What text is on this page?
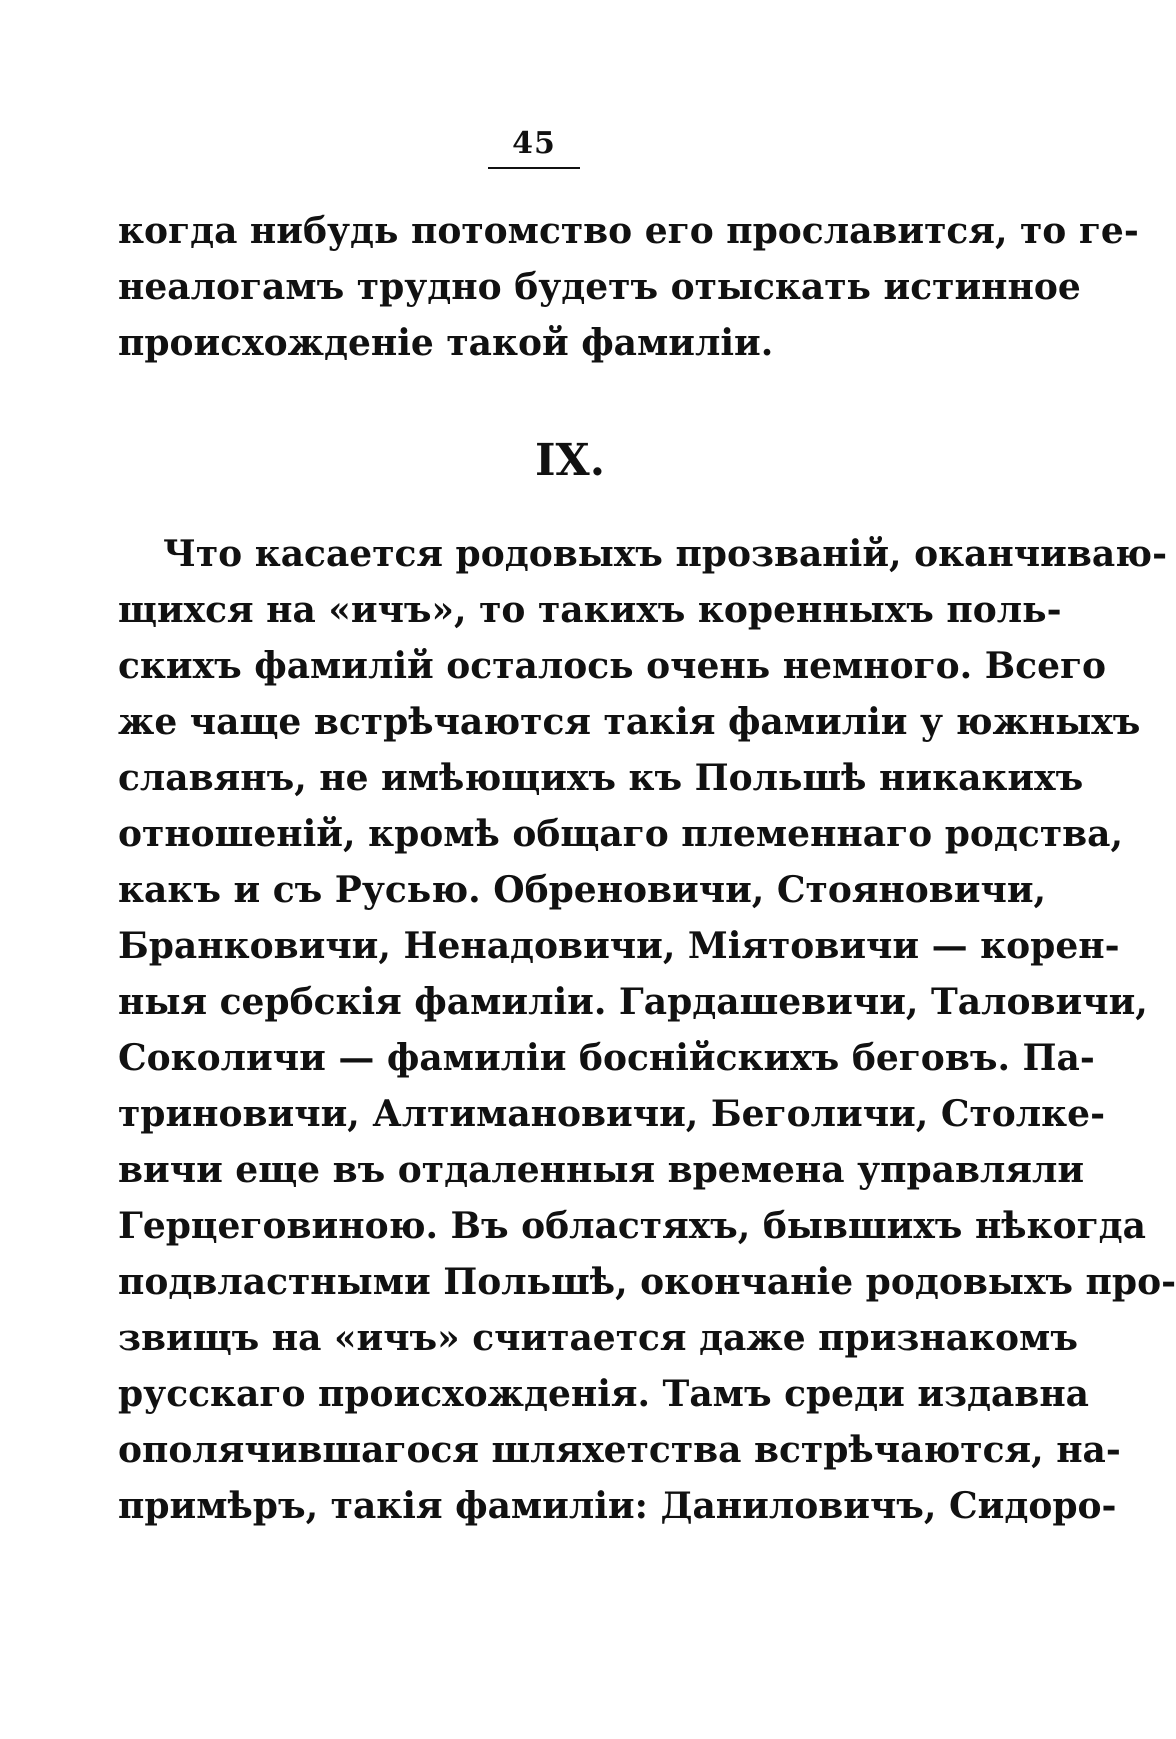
45

когда нибудь потомство его прославится, то ге-

неалогамъ трудно будетъ отыскать истинное

происхожденіе такой фамиліи.

IX.

Что касается родовыхъ прозваній, оканчиваю-

щихся на «ичъ», то такихъ коренныхъ поль-

скихъ фамилій осталось очень немного. Всего

же чаще встрѣчаются такія фамиліи у южныхъ

славянъ, не имѣющихъ къ Польшѣ никакихъ

отношеній, кромѣ общаго племеннаго родства,

какъ и съ Русью. Обреновичи, Стояновичи,

Бранковичи, Ненадовичи, Міятовичи — корен-

ныя сербскія фамиліи. Гардашевичи, Таловичи,

Соколичи — фамиліи боснійскихъ беговъ. Па-

триновичи, Алтимановичи, Беголичи, Столке-

вичи еще въ отдаленныя времена управляли

Герцеговиною. Въ областяхъ, бывшихъ нѣкогда

подвластными Польшѣ, окончаніе родовыхъ про-

звищъ на «ичъ» считается даже признакомъ

русскаго происхожденія. Тамъ среди издавна

ополячившагося шляхетства встрѣчаются, на-

примѣръ, такія фамиліи: Даниловичъ, Сидоро-
